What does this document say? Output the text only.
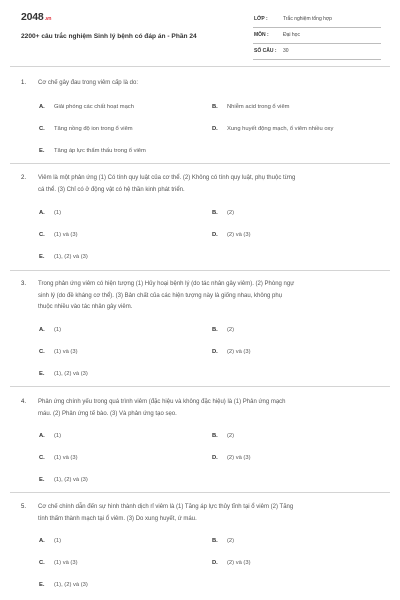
2048.vn
2200+ câu trắc nghiệm Sinh lý bệnh có đáp án - Phần 24
LỚP :	Trắc nghiệm tổng hợp
MÔN :	Đại học
SỐ CÂU : 30
1. Cơ chế gây đau trong viêm cấp là do:
A. Giải phóng các chất hoạt mạch	B. Nhiễm acid trong ổ viêm
C. Tăng nồng độ ion trong ổ viêm	D. Xung huyết động mạch, ổ viêm nhiều oxy
E. Tăng áp lực thẩm thấu trong ổ viêm
2. Viêm là một phản ứng (1) Có tính quy luật của cơ thể. (2) Không có tính quy luật, phụ thuộc từng
cá thể. (3) Chỉ có ở động vật có hệ thần kinh phát triển.
A. (1)	B. (2)
C. (1) và (3)	D. (2) và (3)
E. (1), (2) và (3)
3. Trong phản ứng viêm có hiện tượng (1) Hủy hoại bệnh lý (do tác nhân gây viêm). (2) Phòng ngự
sinh lý (do đề kháng cơ thể). (3) Bản chất của các hiện tượng này là giống nhau, không phụ
thuộc nhiều vào tác nhân gây viêm.
A. (1)	B. (2)
C. (1) và (3)	D. (2) và (3)
E. (1), (2) và (3)
4. Phản ứng chính yếu trong quá trình viêm (đặc hiệu và không đặc hiệu) là (1) Phản ứng mạch
máu. (2) Phản ứng tế bào. (3) Và phản ứng tạo sẹo.
A. (1)	B. (2)
C. (1) và (3)	D. (2) và (3)
E. (1), (2) và (3)
5. Cơ chế chính dẫn đến sự hình thành dịch rỉ viêm là (1) Tăng áp lực thủy tĩnh tại ổ viêm (2) Tăng
tính thấm thành mạch tại ổ viêm. (3) Do xung huyết, ứ máu.
A. (1)	B. (2)
C. (1) và (3)	D. (2) và (3)
E. (1), (2) và (3)
